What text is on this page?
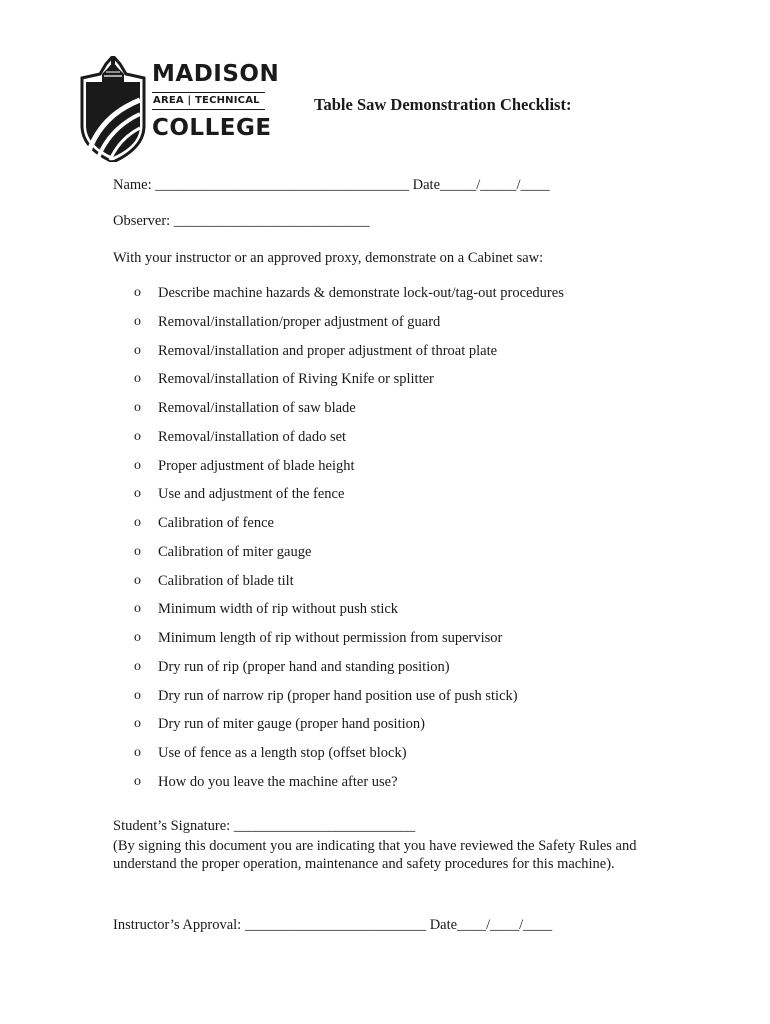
MADISON
AREA | TECHNICAL
COLLEGE
Table Saw Demonstration Checklist:
Name: ___________________________________ Date_____/_____/____
Observer: ___________________________
With your instructor or an approved proxy, demonstrate on a Cabinet saw:
o	Describe machine hazards & demonstrate lock-out/tag-out procedures
o	Removal/installation/proper adjustment of guard
o	Removal/installation and proper adjustment of throat plate
o	Removal/installation of Riving Knife or splitter
o	Removal/installation of saw blade
o	Removal/installation of dado set
o	Proper adjustment of blade height
o	Use and adjustment of the fence
o	Calibration of fence
o	Calibration of miter gauge
o	Calibration of blade tilt
o	Minimum width of rip without push stick
o	Minimum length of rip without permission from supervisor
o	Dry run of rip (proper hand and standing position)
o	Dry run of narrow rip (proper hand position use of push stick)
o	Dry run of miter gauge (proper hand position)
o	Use of fence as a length stop (offset block)
o	How do you leave the machine after use?
Student’s Signature: _________________________
(By signing this document you are indicating that you have reviewed the Safety Rules and understand the proper operation, maintenance and safety procedures for this machine).
Instructor’s Approval: _________________________ Date____/____/____
